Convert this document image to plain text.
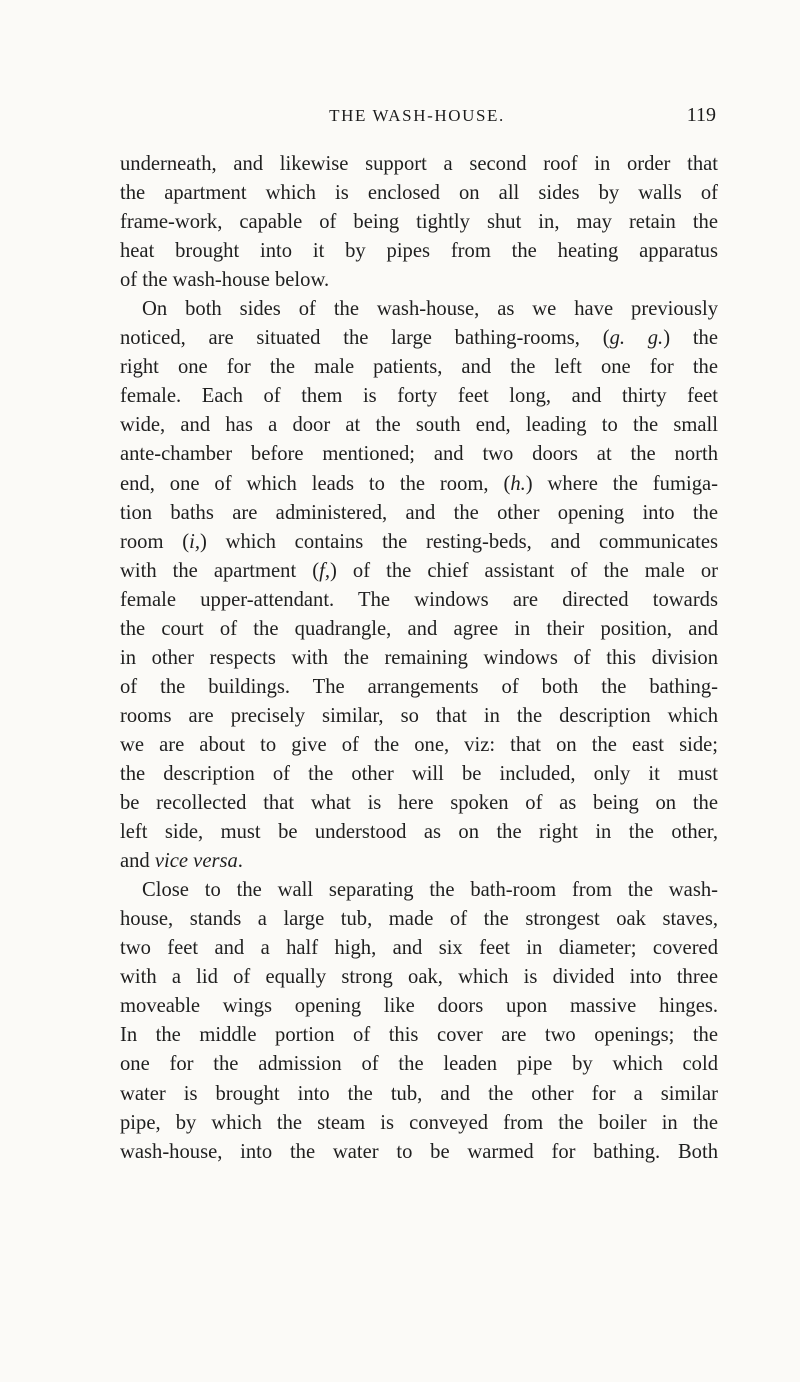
THE WASH-HOUSE.	119
underneath, and likewise support a second roof in order that
the apartment which is enclosed on all sides by walls of
frame-work, capable of being tightly shut in, may retain the
heat brought into it by pipes from the heating apparatus
of the wash-house below.
On both sides of the wash-house, as we have previously
noticed, are situated the large bathing-rooms, (g. g.) the
right one for the male patients, and the left one for the
female. Each of them is forty feet long, and thirty feet
wide, and has a door at the south end, leading to the small
ante-chamber before mentioned; and two doors at the north
end, one of which leads to the room, (h.) where the fumiga-
tion baths are administered, and the other opening into the
room (i,) which contains the resting-beds, and communicates
with the apartment (f,) of the chief assistant of the male or
female upper-attendant. The windows are directed towards
the court of the quadrangle, and agree in their position, and
in other respects with the remaining windows of this division
of the buildings. The arrangements of both the bathing-
rooms are precisely similar, so that in the description which
we are about to give of the one, viz: that on the east side;
the description of the other will be included, only it must
be recollected that what is here spoken of as being on the
left side, must be understood as on the right in the other,
and vice versa.
Close to the wall separating the bath-room from the wash-
house, stands a large tub, made of the strongest oak staves,
two feet and a half high, and six feet in diameter; covered
with a lid of equally strong oak, which is divided into three
moveable wings opening like doors upon massive hinges.
In the middle portion of this cover are two openings; the
one for the admission of the leaden pipe by which cold
water is brought into the tub, and the other for a similar
pipe, by which the steam is conveyed from the boiler in the
wash-house, into the water to be warmed for bathing. Both
